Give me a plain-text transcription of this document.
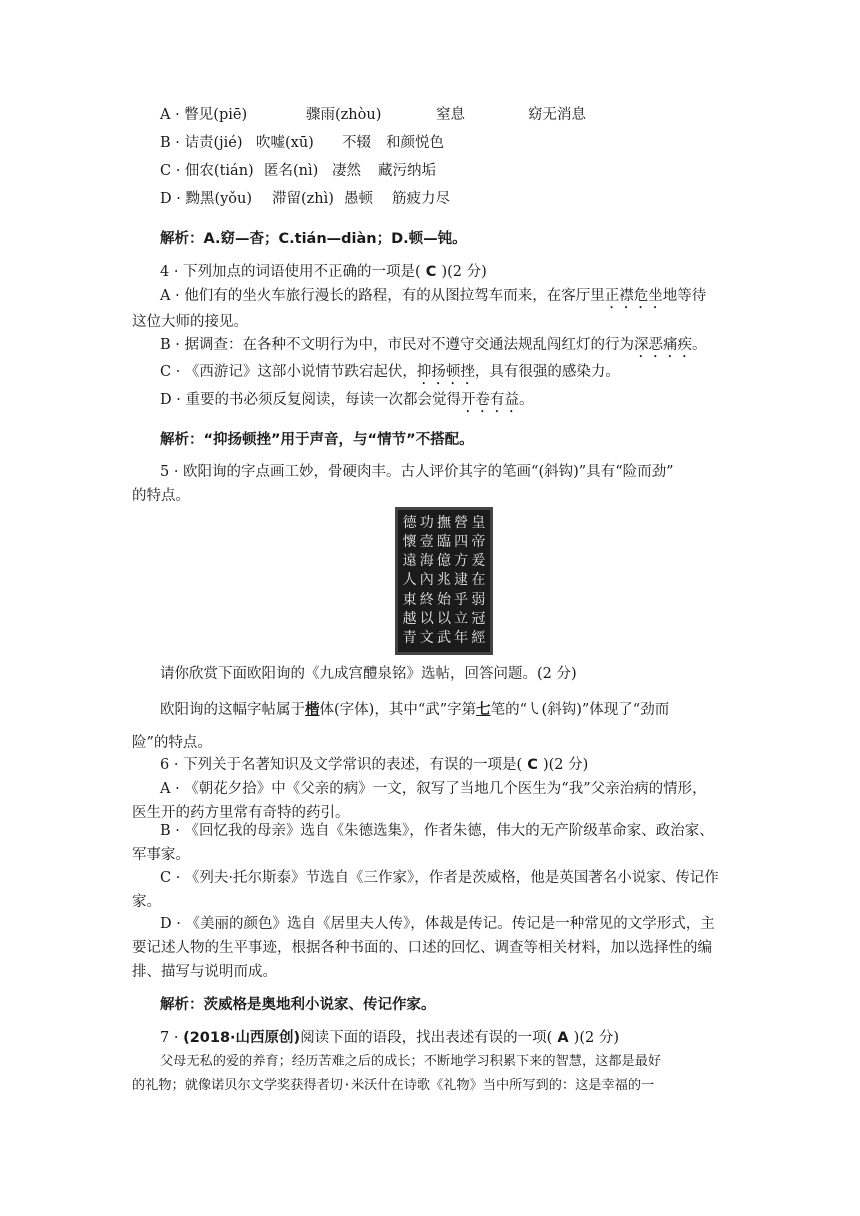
A · 瞥见(piē)	骤雨(zhòu)	窒息	窈无消息
B · 诘责(jié) 吹嘘(xū) 不辍 和颜悦色
C · 佃农(tián) 匿名(nì) 凄然 藏污纳垢
D · 黝黑(yǒu) 滞留(zhì) 愚顿 筋疲力尽
解析：A.窈—杳；C.tián—diàn；D.顿—钝。
4 · 下列加点的词语使用不正确的一项是( C )(2 分)
A · 他们有的坐火车旅行漫长的路程，有的从图拉驾车而来，在客厅里正襟危坐地等待
这位大师的接见。
B · 据调查：在各种不文明行为中，市民对不遵守交通法规乱闯红灯的行为深恶痛疾。
C · 《西游记》这部小说情节跌宕起伏，抑扬顿挫，具有很强的感染力。
D · 重要的书必须反复阅读，每读一次都会觉得开卷有益。
解析：“抑扬顿挫”用于声音，与“情节”不搭配。
5 · 欧阳询的字点画工妙，骨硬肉丰。古人评价其字的笔画“(斜钩)”具有“险而劲”
的特点。
皇
帝
爰
在
弱
冠
經
營
四
方
逮
乎
立
年
撫
臨
億
兆
始
以
武
功
壹
海
內
終
以
文
德
懷
遠
人
東
越
青
请你欣赏下面欧阳询的《九成宫醴泉铭》选帖，回答问题。(2 分)
欧阳询的这幅字帖属于楷体(字体)，其中“武”字第七笔的“㇂(斜钩)”体现了“劲而
险”的特点。
6 · 下列关于名著知识及文学常识的表述，有误的一项是( C )(2 分)
A · 《朝花夕拾》中《父亲的病》一文，叙写了当地几个医生为“我”父亲治病的情形，
医生开的药方里常有奇特的药引。
B · 《回忆我的母亲》选自《朱德选集》，作者朱德，伟大的无产阶级革命家、政治家、
军事家。
C · 《列夫·托尔斯泰》节选自《三作家》，作者是茨威格，他是英国著名小说家、传记作
家。
D · 《美丽的颜色》选自《居里夫人传》，体裁是传记。传记是一种常见的文学形式，主
要记述人物的生平事迹，根据各种书面的、口述的回忆、调查等相关材料，加以选择性的编
排、描写与说明而成。
解析：茨威格是奥地利小说家、传记作家。
7 · (2018·山西原创)阅读下面的语段，找出表述有误的一项( A )(2 分)
父母无私的爱的养育；经历苦难之后的成长；不断地学习积累下来的智慧，这都是最好
的礼物；就像诺贝尔文学奖获得者切·米沃什在诗歌《礼物》当中所写到的：这是幸福的一
